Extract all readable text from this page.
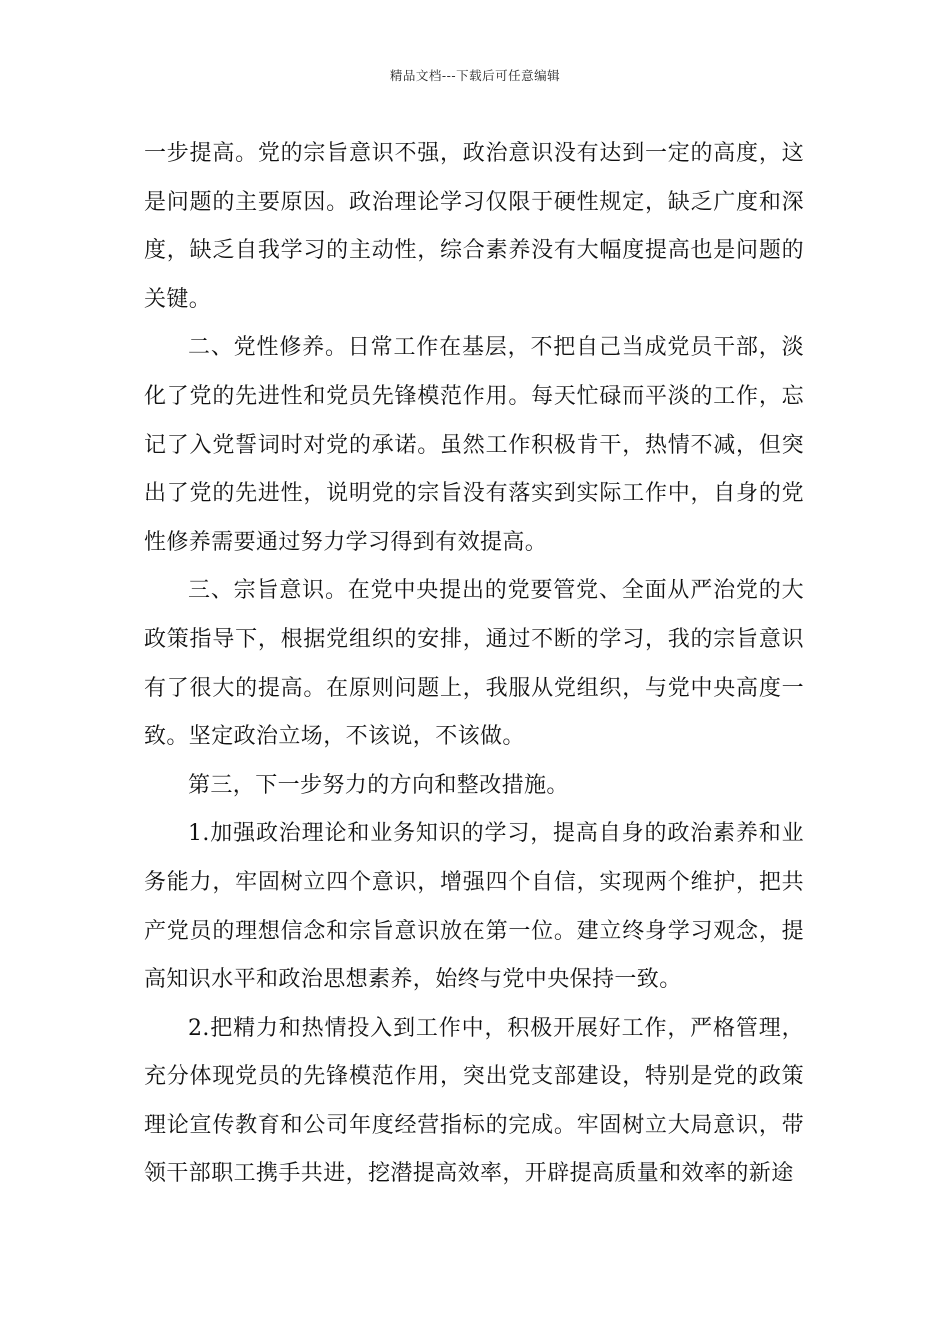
精品文档---下载后可任意编辑

一步提高。党的宗旨意识不强，政治意识没有达到一定的高度，这是问题的主要原因。政治理论学习仅限于硬性规定，缺乏广度和深度，缺乏自我学习的主动性，综合素养没有大幅度提高也是问题的关键。

二、党性修养。日常工作在基层，不把自己当成党员干部，淡化了党的先进性和党员先锋模范作用。每天忙碌而平淡的工作，忘记了入党誓词时对党的承诺。虽然工作积极肯干，热情不减，但突出了党的先进性，说明党的宗旨没有落实到实际工作中，自身的党性修养需要通过努力学习得到有效提高。

三、宗旨意识。在党中央提出的党要管党、全面从严治党的大政策指导下，根据党组织的安排，通过不断的学习，我的宗旨意识有了很大的提高。在原则问题上，我服从党组织，与党中央高度一致。坚定政治立场，不该说，不该做。

第三，下一步努力的方向和整改措施。

1.加强政治理论和业务知识的学习，提高自身的政治素养和业务能力，牢固树立四个意识，增强四个自信，实现两个维护，把共产党员的理想信念和宗旨意识放在第一位。建立终身学习观念，提高知识水平和政治思想素养，始终与党中央保持一致。

2.把精力和热情投入到工作中，积极开展好工作，严格管理，充分体现党员的先锋模范作用，突出党支部建设，特别是党的政策理论宣传教育和公司年度经营指标的完成。牢固树立大局意识，带领干部职工携手共进，挖潜提高效率，开辟提高质量和效率的新途
